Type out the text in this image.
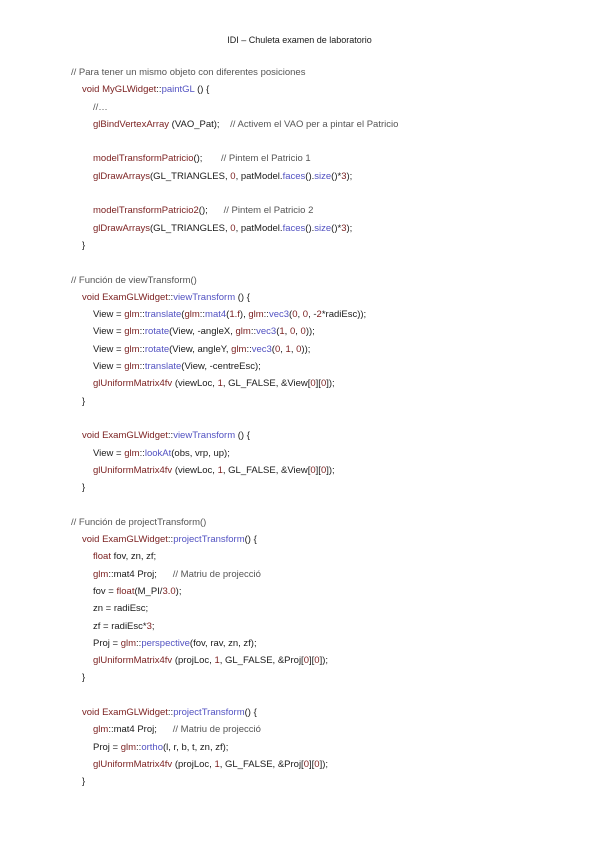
IDI – Chuleta examen de laboratorio
// Para tener un mismo objeto con diferentes posiciones
void MyGLWidget::paintGL () {
//…
glBindVertexArray (VAO_Pat);    // Activem el VAO per a pintar el Patricio
modelTransformPatricio();       // Pintem el Patricio 1
glDrawArrays(GL_TRIANGLES, 0, patModel.faces().size()*3);
modelTransformPatricio2();      // Pintem el Patricio 2
glDrawArrays(GL_TRIANGLES, 0, patModel.faces().size()*3);
}
// Función de viewTransform()
void ExamGLWidget::viewTransform () {
View = glm::translate(glm::mat4(1.f), glm::vec3(0, 0, -2*radiEsc));
View = glm::rotate(View, -angleX, glm::vec3(1, 0, 0));
View = glm::rotate(View, angleY, glm::vec3(0, 1, 0));
View = glm::translate(View, -centreEsc);
glUniformMatrix4fv (viewLoc, 1, GL_FALSE, &View[0][0]);
}
void ExamGLWidget::viewTransform () {
View = glm::lookAt(obs, vrp, up);
glUniformMatrix4fv (viewLoc, 1, GL_FALSE, &View[0][0]);
}
// Función de projectTransform()
void ExamGLWidget::projectTransform() {
float fov, zn, zf;
glm::mat4 Proj;      // Matriu de projecció
fov = float(M_PI/3.0);
zn = radiEsc;
zf = radiEsc*3;
Proj = glm::perspective(fov, rav, zn, zf);
glUniformMatrix4fv (projLoc, 1, GL_FALSE, &Proj[0][0]);
}
void ExamGLWidget::projectTransform() {
glm::mat4 Proj;      // Matriu de projecció
Proj = glm::ortho(l, r, b, t, zn, zf);
glUniformMatrix4fv (projLoc, 1, GL_FALSE, &Proj[0][0]);
}
